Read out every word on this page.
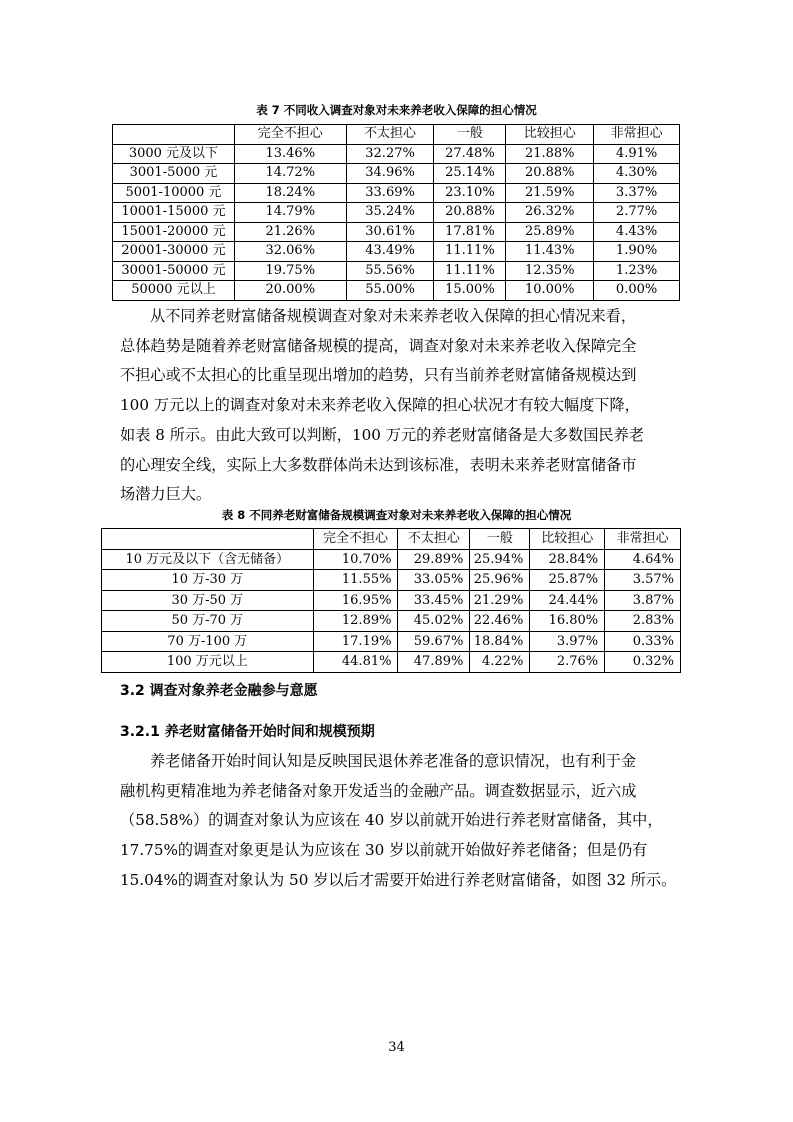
表 7 不同收入调查对象对未来养老收入保障的担心情况
	完全不担心	不太担心	一般	比较担心	非常担心
3000 元及以下	13.46%	32.27%	27.48%	21.88%	4.91%
3001-5000 元	14.72%	34.96%	25.14%	20.88%	4.30%
5001-10000 元	18.24%	33.69%	23.10%	21.59%	3.37%
10001-15000 元	14.79%	35.24%	20.88%	26.32%	2.77%
15001-20000 元	21.26%	30.61%	17.81%	25.89%	4.43%
20001-30000 元	32.06%	43.49%	11.11%	11.43%	1.90%
30001-50000 元	19.75%	55.56%	11.11%	12.35%	1.23%
50000 元以上	20.00%	55.00%	15.00%	10.00%	0.00%

从不同养老财富储备规模调查对象对未来养老收入保障的担心情况来看，
总体趋势是随着养老财富储备规模的提高，调查对象对未来养老收入保障完全
不担心或不太担心的比重呈现出增加的趋势，只有当前养老财富储备规模达到
100 万元以上的调查对象对未来养老收入保障的担心状况才有较大幅度下降，
如表 8 所示。由此大致可以判断，100 万元的养老财富储备是大多数国民养老
的心理安全线，实际上大多数群体尚未达到该标准，表明未来养老财富储备市
场潜力巨大。

表 8 不同养老财富储备规模调查对象对未来养老收入保障的担心情况
	完全不担心	不太担心	一般	比较担心	非常担心
10 万元及以下（含无储备）	10.70%	29.89%	25.94%	28.84%	4.64%
10 万-30 万	11.55%	33.05%	25.96%	25.87%	3.57%
30 万-50 万	16.95%	33.45%	21.29%	24.44%	3.87%
50 万-70 万	12.89%	45.02%	22.46%	16.80%	2.83%
70 万-100 万	17.19%	59.67%	18.84%	3.97%	0.33%
100 万元以上	44.81%	47.89%	4.22%	2.76%	0.32%
3.2 调查对象养老金融参与意愿
3.2.1 养老财富储备开始时间和规模预期

养老储备开始时间认知是反映国民退休养老准备的意识情况，也有利于金
融机构更精准地为养老储备对象开发适当的金融产品。调查数据显示，近六成
（58.58%）的调查对象认为应该在 40 岁以前就开始进行养老财富储备，其中，
17.75%的调查对象更是认为应该在 30 岁以前就开始做好养老储备；但是仍有
15.04%的调查对象认为 50 岁以后才需要开始进行养老财富储备，如图 32 所示。

34
